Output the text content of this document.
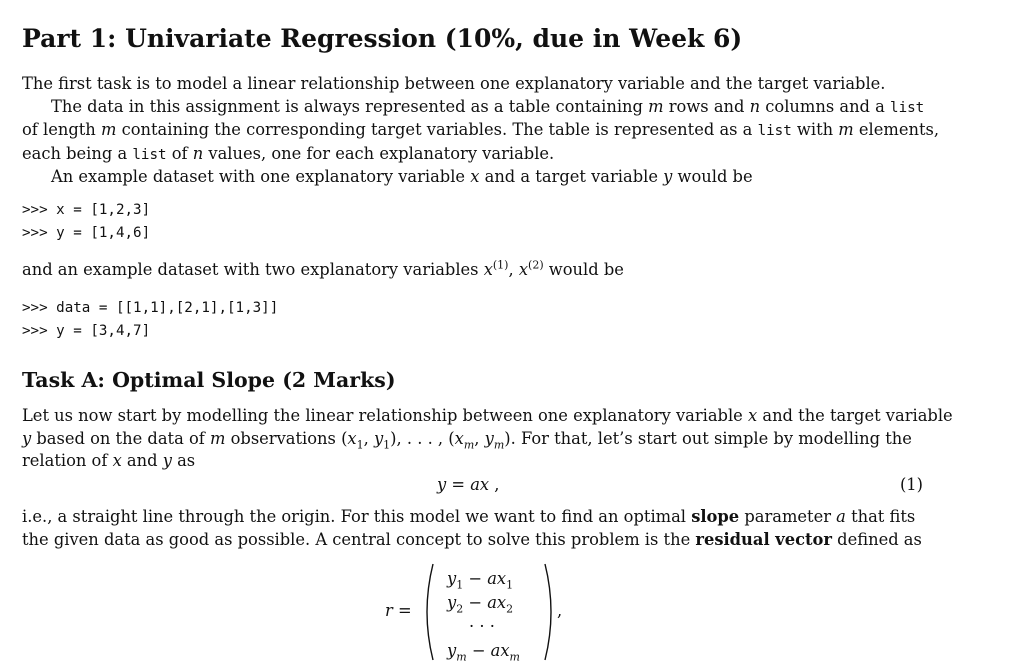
Part 1: Univariate Regression (10%, due in Week 6)
The first task is to model a linear relationship between one explanatory variable and the target variable.
The data in this assignment is always represented as a table containing m rows and n columns and a list
of length m containing the corresponding target variables. The table is represented as a list with m elements,
each being a list of n values, one for each explanatory variable.
An example dataset with one explanatory variable x and a target variable y would be
>>> x = [1,2,3]
>>> y = [1,4,6]
and an example dataset with two explanatory variables $x^{(1)}$, $x^{(2)}$ would be
>>> data = [[1,1],[2,1],[1,3]]
>>> y = [3,4,7]
Task A: Optimal Slope (2 Marks)
Let us now start by modelling the linear relationship between one explanatory variable x and the target variable
y based on the data of m observations ($x_1$, $y_1$), . . . , ($x_m$, $y_m$). For that, let’s start out simple by modelling the
relation of x and y as
y = ax ,	(1)
i.e., a straight line through the origin. For this model we want to find an optimal slope parameter a that fits
the given data as good as possible. A central concept to solve this problem is the residual vector defined as
r =
$y_1 - ax_1$
$y_2 - ax_2$
· · ·
$y_m - ax_m$
,
